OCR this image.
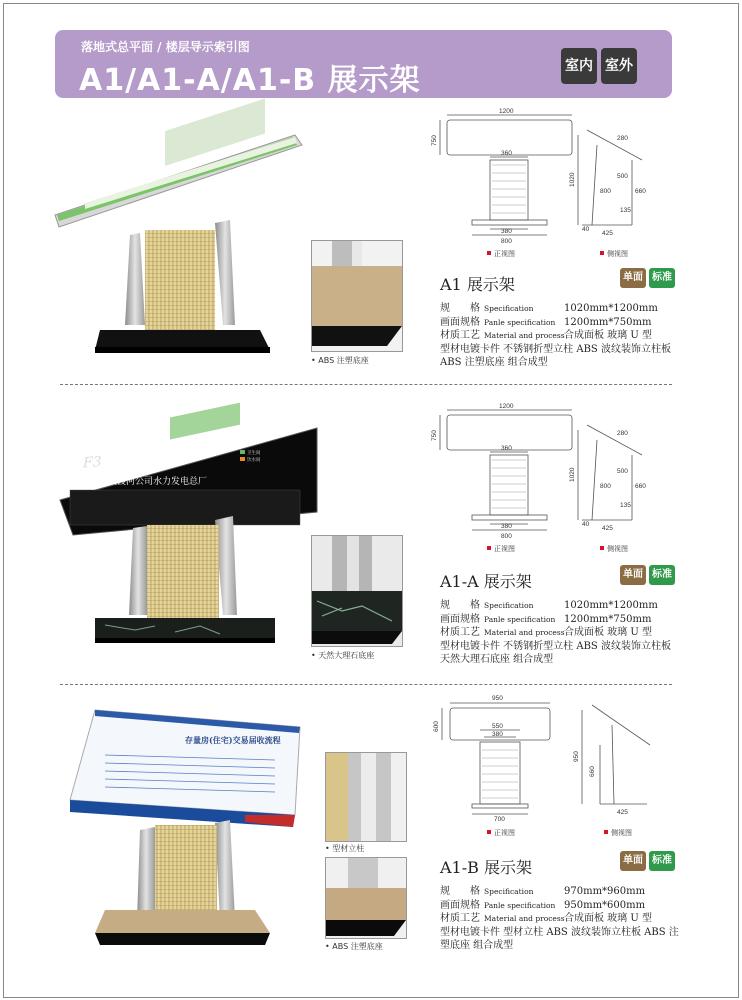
落地式总平面 / 楼层导示索引图
A1/A1-A/A1-B 展示架	室内 室外
• ABS 注塑底座
1200
750
360
380
800
280
1020
800	660
500
135
40
425
正视图	侧视图
A1 展示架	单面 标准
规　　格 Specification	1020mm*1200mm
画面规格 Panle specification 1200mm*750mm
材质工艺 Material and process合成面板 玻璃 U 型
型材电镀卡件 不锈钢折型立柱 ABS 波纹装饰立柱板
ABS 注塑底座 组合成型
F3
卫生间
饮水间
国电大渡河公司水力发电总厂
• 天然大理石底座
1200
750
360
380
800
280
1020
800	660
500
135
40
425
正视图	侧视图
A1-A 展示架	单面 标准
规　　格 Specification	1020mm*1200mm
画面规格 Panle specification 1200mm*750mm
材质工艺 Material and process合成面板 玻璃 U 型
型材电镀卡件 不锈钢折型立柱 ABS 波纹装饰立柱板
天然大理石底座 组合成型
存量房(住宅)交易届收流程
• 型材立柱
• ABS 注塑底座
950
600	550
380
700
950
660
425
正视图	侧视图
A1-B 展示架	单面 标准
规　　格 Specification	970mm*960mm
画面规格 Panle specification 950mm*600mm
材质工艺 Material and process合成面板 玻璃 U 型
型材电镀卡件 型材立柱 ABS 波纹装饰立柱板 ABS 注
塑底座 组合成型
